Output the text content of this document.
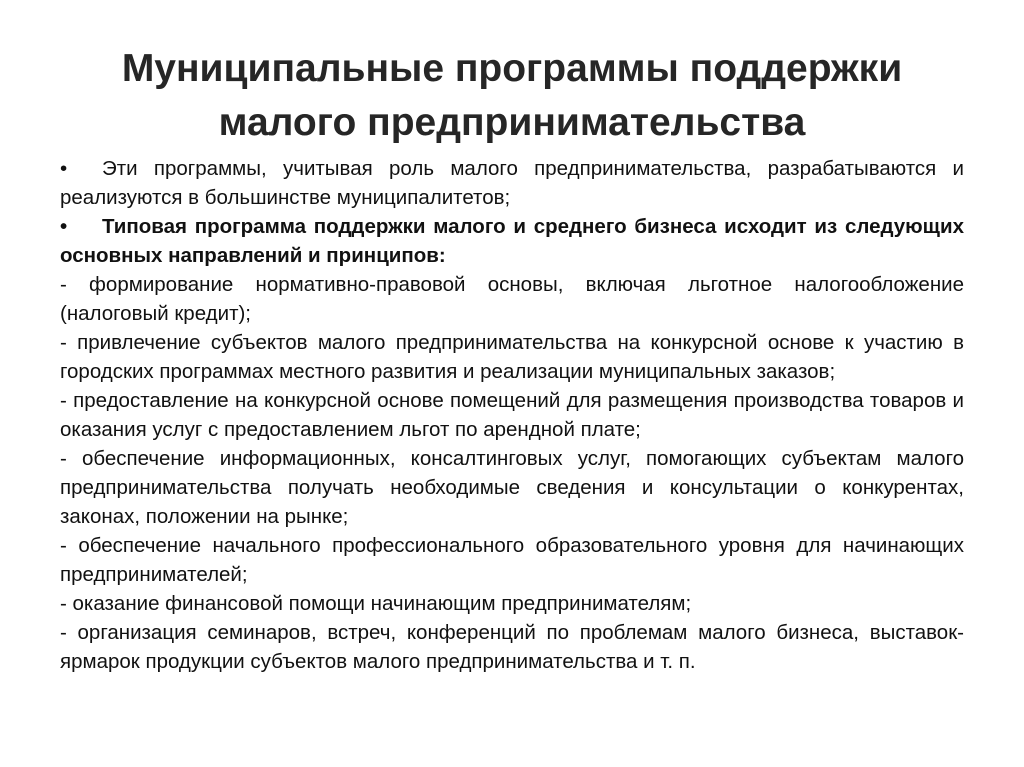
Муниципальные программы поддержки
малого предпринимательства

• Эти программы, учитывая роль малого предпринимательства, разрабатываются и реализуются в большинстве муниципалитетов;

• Типовая программа поддержки малого и среднего бизнеса исходит из следующих основных направлений и принципов:

- формирование нормативно-правовой основы, включая льготное налогообложение (налоговый кредит);

- привлечение субъектов малого предпринимательства на конкурсной основе к участию в городских программах местного развития и реализации муниципальных заказов;

- предоставление на конкурсной основе помещений для размещения производства товаров и оказания услуг с предоставлением льгот по арендной плате;

- обеспечение информационных, консалтинговых услуг, помогающих субъектам малого предпринимательства получать необходимые сведения и консультации о конкурентах, законах, положении на рынке;

- обеспечение начального профессионального образовательного уровня для начинающих предпринимателей;

- оказание финансовой помощи начинающим предпринимателям;

- организация семинаров, встреч, конференций по проблемам малого бизнеса, выставок-ярмарок продукции субъектов малого предпринимательства и т. п.
